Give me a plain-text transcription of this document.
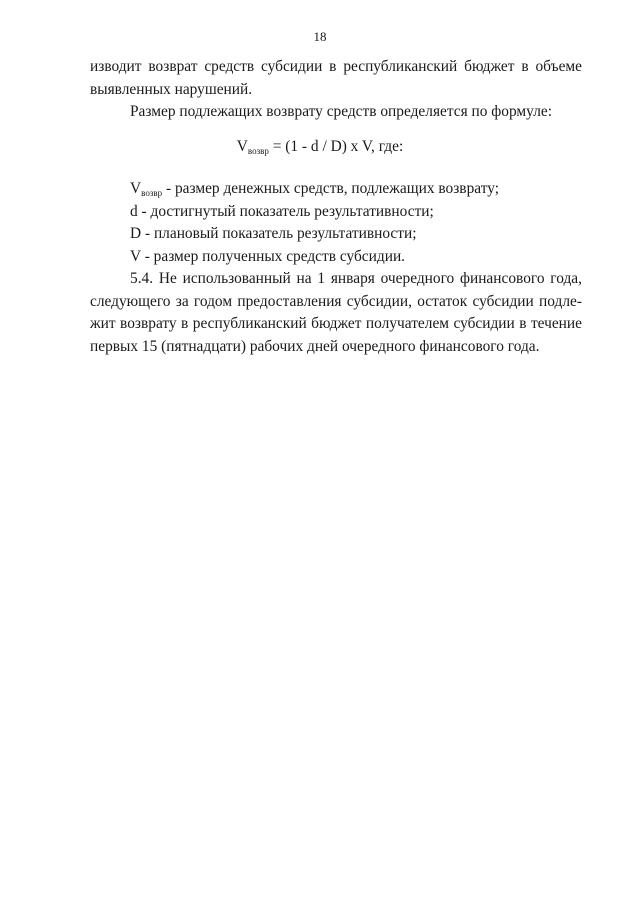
18
изводит возврат средств субсидии в республиканский бюджет в объеме
выявленных нарушений.
Размер подлежащих возврату средств определяется по формуле:
$V_{возвр} = (1 - d / D)$ x V, где:
$V_{возвр}$ - размер денежных средств, подлежащих возврату;
d - достигнутый показатель результативности;
D - плановый показатель результативности;
V - размер полученных средств субсидии.
5.4. Не использованный на 1 января очередного финансового года,
следующего за годом предоставления субсидии, остаток субсидии подле-
жит возврату в республиканский бюджет получателем субсидии в течение
первых 15 (пятнадцати) рабочих дней очередного финансового года.
